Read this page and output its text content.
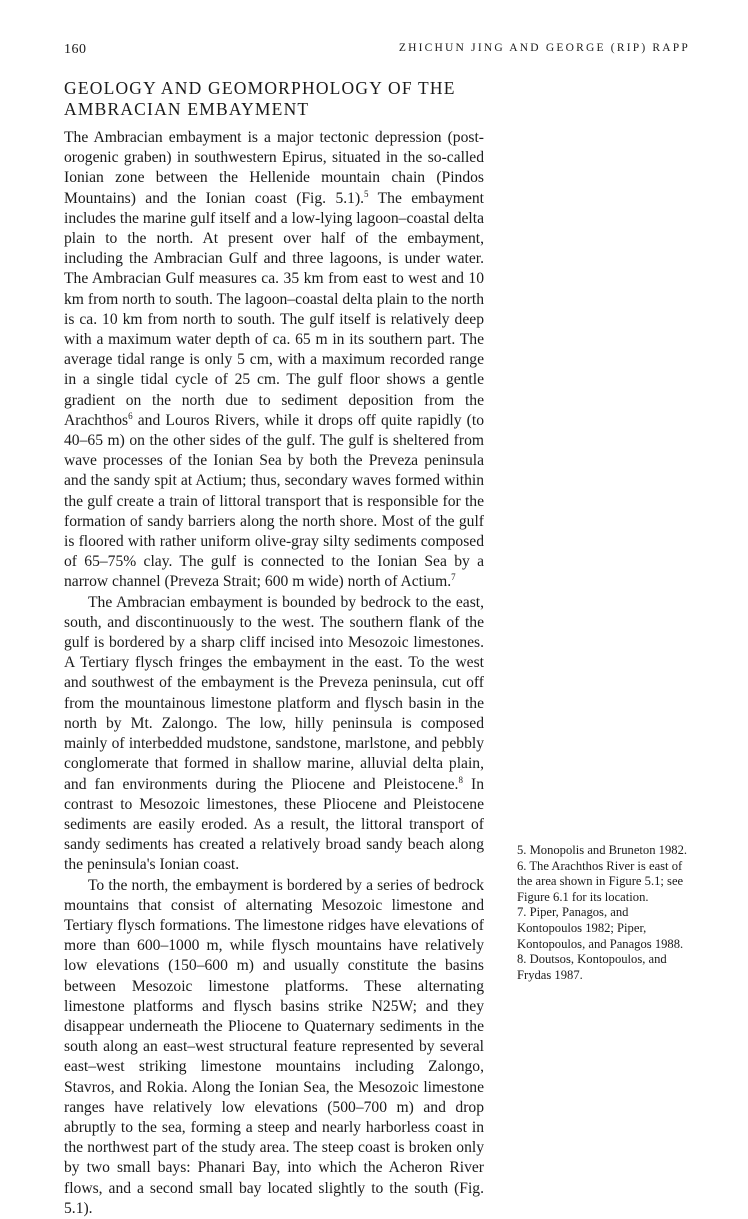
160	ZHICHUN JING AND GEORGE (RIP) RAPP
GEOLOGY AND GEOMORPHOLOGY OF THE AMBRACIAN EMBAYMENT

The Ambracian embayment is a major tectonic depression (post-orogenic graben) in southwestern Epirus, situated in the so-called Ionian zone between the Hellenide mountain chain (Pindos Mountains) and the Ionian coast (Fig. 5.1).$^5$ The embayment includes the marine gulf itself and a low-lying lagoon–coastal delta plain to the north. At present over half of the embayment, including the Ambracian Gulf and three lagoons, is under water. The Ambracian Gulf measures ca. 35 km from east to west and 10 km from north to south. The lagoon–coastal delta plain to the north is ca. 10 km from north to south. The gulf itself is relatively deep with a maximum water depth of ca. 65 m in its southern part. The average tidal range is only 5 cm, with a maximum recorded range in a single tidal cycle of 25 cm. The gulf floor shows a gentle gradient on the north due to sediment deposition from the Arachthos$^6$ and Louros Rivers, while it drops off quite rapidly (to 40–65 m) on the other sides of the gulf. The gulf is sheltered from wave processes of the Ionian Sea by both the Preveza peninsula and the sandy spit at Actium; thus, secondary waves formed within the gulf create a train of littoral transport that is responsible for the formation of sandy barriers along the north shore. Most of the gulf is floored with rather uniform olive-gray silty sediments composed of 65–75% clay. The gulf is connected to the Ionian Sea by a narrow channel (Preveza Strait; 600 m wide) north of Actium.$^7$

The Ambracian embayment is bounded by bedrock to the east, south, and discontinuously to the west. The southern flank of the gulf is bordered by a sharp cliff incised into Mesozoic limestones. A Tertiary flysch fringes the embayment in the east. To the west and southwest of the embayment is the Preveza peninsula, cut off from the mountainous limestone platform and flysch basin in the north by Mt. Zalongo. The low, hilly peninsula is composed mainly of interbedded mudstone, sandstone, marlstone, and pebbly conglomerate that formed in shallow marine, alluvial delta plain, and fan environments during the Pliocene and Pleistocene.$^8$ In contrast to Mesozoic limestones, these Pliocene and Pleistocene sediments are easily eroded. As a result, the littoral transport of sandy sediments has created a relatively broad sandy beach along the peninsula's Ionian coast.

To the north, the embayment is bordered by a series of bedrock mountains that consist of alternating Mesozoic limestone and Tertiary flysch formations. The limestone ridges have elevations of more than 600–1000 m, while flysch mountains have relatively low elevations (150–600 m) and usually constitute the basins between Mesozoic limestone platforms. These alternating limestone platforms and flysch basins strike N25W; and they disappear underneath the Pliocene to Quaternary sediments in the south along an east–west structural feature represented by several east–west striking limestone mountains including Zalongo, Stavros, and Rokia. Along the Ionian Sea, the Mesozoic limestone ranges have relatively low elevations (500–700 m) and drop abruptly to the sea, forming a steep and nearly harborless coast in the northwest part of the study area. The steep coast is broken only by two small bays: Phanari Bay, into which the Acheron River flows, and a second small bay located slightly to the south (Fig. 5.1).

5. Monopolis and Bruneton 1982.

6. The Arachthos River is east of the area shown in Figure 5.1; see Figure 6.1 for its location.

7. Piper, Panagos, and Kontopoulos 1982; Piper, Kontopoulos, and Panagos 1988.

8. Doutsos, Kontopoulos, and Frydas 1987.
